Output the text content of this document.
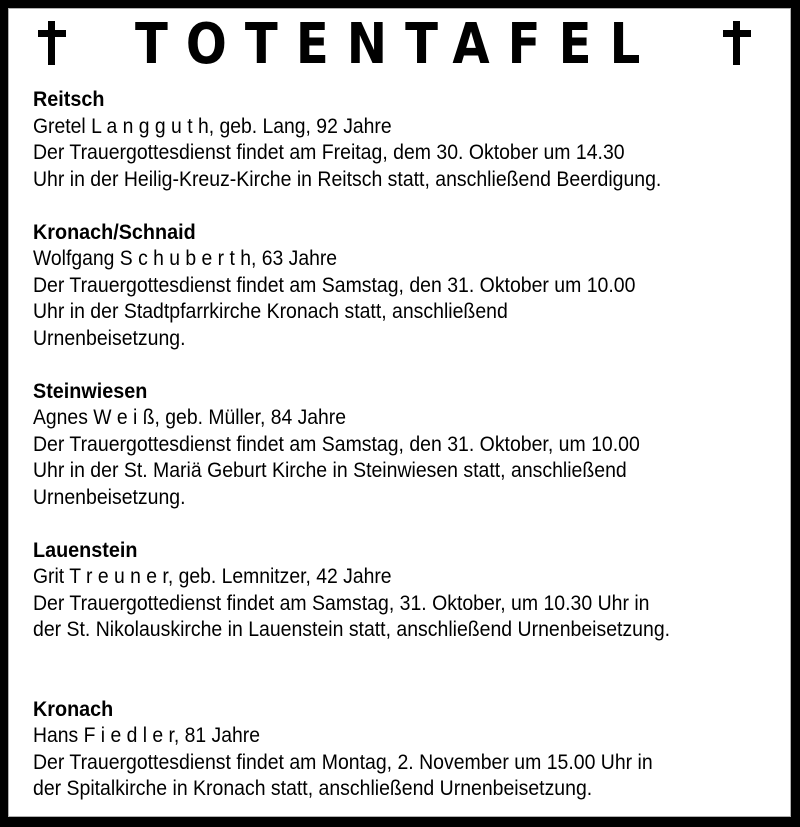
TOTENTAFEL
Reitsch
Gretel L a n g g u t h, geb. Lang, 92 Jahre
Der Trauergottesdienst findet am Freitag, dem 30. Oktober um 14.30
Uhr in der Heilig-Kreuz-Kirche in Reitsch statt, anschließend Beerdigung.
Kronach/Schnaid
Wolfgang S c h u b e r t h, 63 Jahre
Der Trauergottesdienst findet am Samstag, den 31. Oktober um 10.00
Uhr in der Stadtpfarrkirche Kronach statt, anschließend
Urnenbeisetzung.
Steinwiesen
Agnes W e i ß, geb. Müller, 84 Jahre
Der Trauergottesdienst findet am Samstag, den 31. Oktober, um 10.00
Uhr in der St. Mariä Geburt Kirche in Steinwiesen statt, anschließend
Urnenbeisetzung.
Lauenstein
Grit T r e u n e r, geb. Lemnitzer, 42 Jahre
Der Trauergottedienst findet am Samstag, 31. Oktober, um 10.30 Uhr in
der St. Nikolauskirche in Lauenstein statt, anschließend Urnenbeisetzung.
Kronach
Hans F i e d l e r, 81 Jahre
Der Trauergottesdienst findet am Montag, 2. November um 15.00 Uhr in
der Spitalkirche in Kronach statt, anschließend Urnenbeisetzung.
